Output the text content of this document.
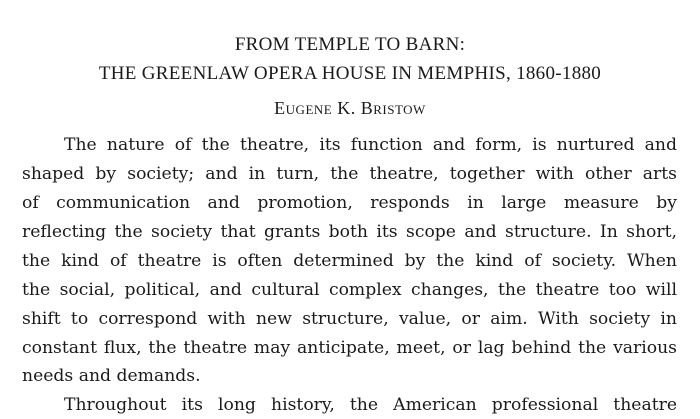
FROM TEMPLE TO BARN:
THE GREENLAW OPERA HOUSE IN MEMPHIS, 1860-1880
Eugene K. Bristow
The nature of the theatre, its function and form, is nurtured and
shaped by society; and in turn, the theatre, together with other arts
of communication and promotion, responds in large measure by
reflecting the society that grants both its scope and structure. In short,
the kind of theatre is often determined by the kind of society. When
the social, political, and cultural complex changes, the theatre too will
shift to correspond with new structure, value, or aim. With society in
constant flux, the theatre may anticipate, meet, or lag behind the various
needs and demands.
Throughout its long history, the American professional theatre
